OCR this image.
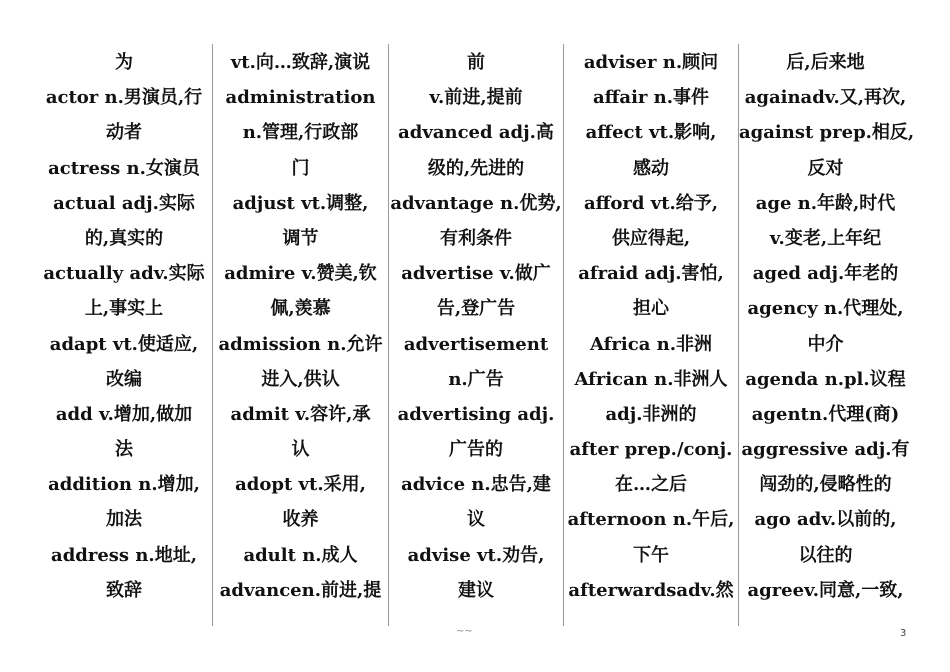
为
actor n.男演员,行
动者
actress n.女演员
actual adj.实际
的,真实的
actually adv.实际
上,事实上
adapt vt.使适应,
改编
add v.增加,做加
法
addition n.增加,
加法
address n.地址,
致辞
vt.向…致辞,演说
administration
n.管理,行政部
门
adjust vt.调整,
调节
admire v.赞美,钦
佩,羡慕
admission n.允许
进入,供认
admit v.容许,承
认
adopt vt.采用,
收养
adult n.成人
advancen.前进,提
前
v.前进,提前
advanced adj.高
级的,先进的
advantage n.优势,
有利条件
advertise v.做广
告,登广告
advertisement
n.广告
advertising adj.
广告的
advice n.忠告,建
议
advise vt.劝告,
建议
adviser n.顾问
affair n.事件
affect vt.影响,
感动
afford vt.给予,
供应得起,
afraid adj.害怕,
担心
Africa n.非洲
African n.非洲人
adj.非洲的
after prep./conj.
在…之后
afternoon n.午后,
下午
afterwardsadv.然
后,后来地
againadv.又,再次,
against prep.相反,
反对
age n.年龄,时代
v.变老,上年纪
aged adj.年老的
agency n.代理处,
中介
agenda n.pl.议程
agentn.代理(商)
aggressive adj.有
闯劲的,侵略性的
ago adv.以前的,
以往的
agreev.同意,一致,
~~	3
